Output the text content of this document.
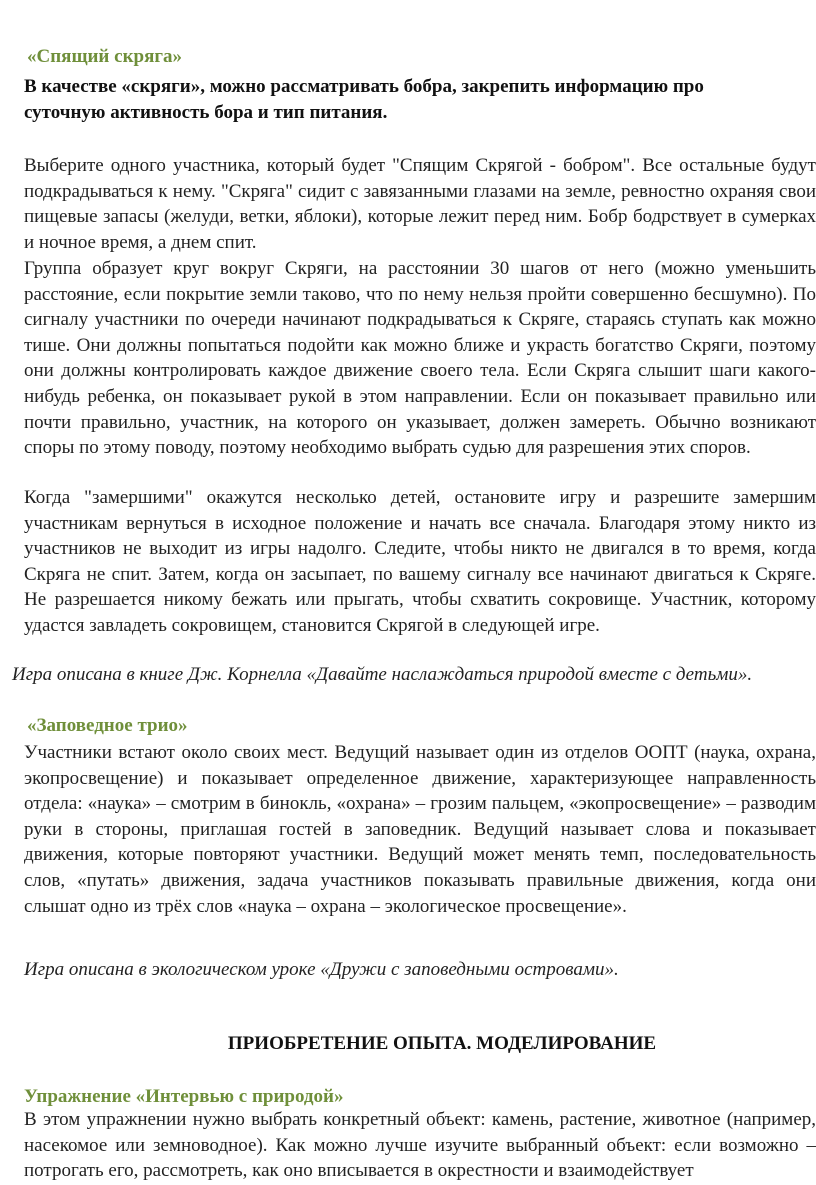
«Спящий скряга»

В качестве «скряги», можно рассматривать бобра, закрепить информацию про суточную активность бора и тип питания.

Выберите одного участника, который будет "Спящим Скрягой - бобром". Все остальные будут подкрадываться к нему. "Скряга" сидит с завязанными глазами на земле, ревностно охраняя свои пищевые запасы (желуди, ветки, яблоки), которые лежит перед ним. Бобр бодрствует в сумерках и ночное время, а днем спит.

Группа образует круг вокруг Скряги, на расстоянии 30 шагов от него (можно уменьшить расстояние, если покрытие земли таково, что по нему нельзя пройти совершенно бесшумно). По сигналу участники по очереди начинают подкрадываться к Скряге, стараясь ступать как можно тише. Они должны попытаться подойти как можно ближе и украсть богатство Скряги, поэтому они должны контролировать каждое движение своего тела. Если Скряга слышит шаги какого-нибудь ребенка, он показывает рукой в этом направлении. Если он показывает правильно или почти правильно, участник, на которого он указывает, должен замереть. Обычно возникают споры по этому поводу, поэтому необходимо выбрать судью для разрешения этих споров.

Когда "замершими" окажутся несколько детей, остановите игру и разрешите замершим участникам вернуться в исходное положение и начать все сначала. Благодаря этому никто из участников не выходит из игры надолго. Следите, чтобы никто не двигался в то время, когда Скряга не спит. Затем, когда он засыпает, по вашему сигналу все начинают двигаться к Скряге. Не разрешается никому бежать или прыгать, чтобы схватить сокровище. Участник, которому удастся завладеть сокровищем, становится Скрягой в следующей игре.

Игра описана в книге Дж. Корнелла «Давайте наслаждаться природой вместе с детьми».

«Заповедное трио»

Участники встают около своих мест. Ведущий называет один из отделов ООПТ (наука, охрана, экопросвещение) и показывает определенное движение, характеризующее направленность отдела: «наука» – смотрим в бинокль, «охрана» – грозим пальцем, «экопросвещение» – разводим руки в стороны, приглашая гостей в заповедник. Ведущий называет слова и показывает движения, которые повторяют участники. Ведущий может менять темп, последовательность слов, «путать» движения, задача участников показывать правильные движения, когда они слышат одно из трёх слов «наука – охрана – экологическое просвещение».

Игра описана в экологическом уроке «Дружи с заповедными островами».

ПРИОБРЕТЕНИЕ ОПЫТА. МОДЕЛИРОВАНИЕ
Упражнение «Интервью с природой»

В этом упражнении нужно выбрать конкретный объект: камень, растение, животное (например, насекомое или земноводное). Как можно лучше изучите выбранный объект: если возможно – потрогать его, рассмотреть, как оно вписывается в окрестности и взаимодействует
